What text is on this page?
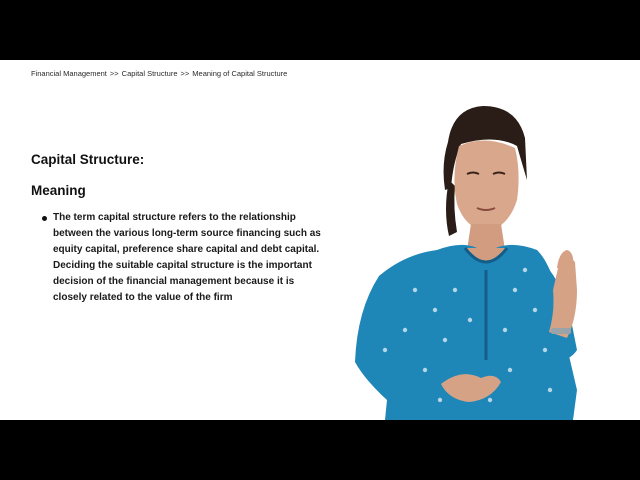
Financial Management >> Capital Structure >> Meaning of Capital Structure
Capital Structure:
Meaning
The term capital structure refers to the relationship between the various long-term source financing such as equity capital, preference share capital and debt capital. Deciding the suitable capital structure is the important decision of the financial management because it is closely related to the value of the firm
